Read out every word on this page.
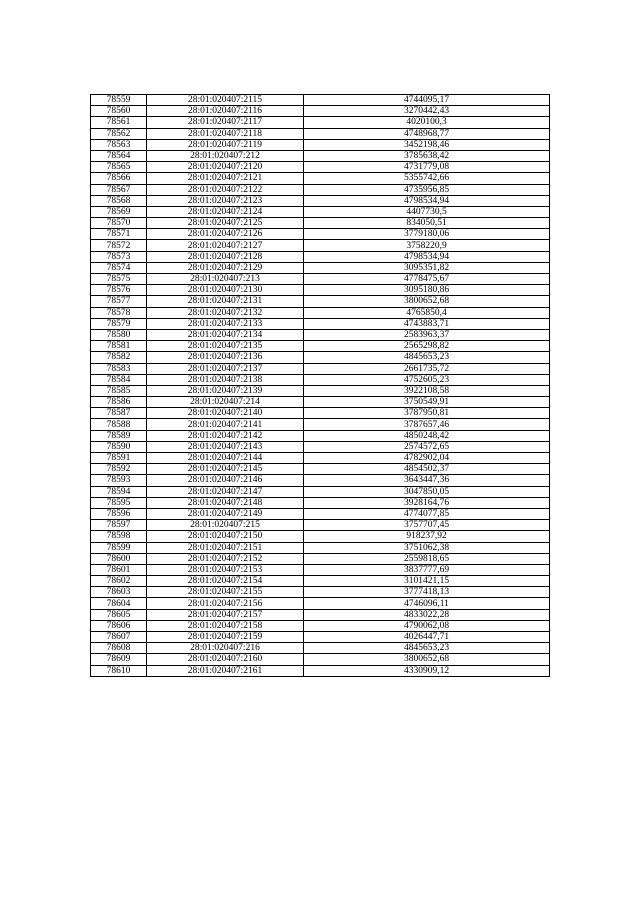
78559	28:01:020407:2115	4744095,17
78560	28:01:020407:2116	3270442,43
78561	28:01:020407:2117	4020100,3
78562	28:01:020407:2118	4748968,77
78563	28:01:020407:2119	3452198,46
78564	28:01:020407:212	3785638,42
78565	28:01:020407:2120	4731779,08
78566	28:01:020407:2121	5355742,66
78567	28:01:020407:2122	4735956,85
78568	28:01:020407:2123	4798534,94
78569	28:01:020407:2124	4407730,5
78570	28:01:020407:2125	834050,51
78571	28:01:020407:2126	3779180,06
78572	28:01:020407:2127	3758220,9
78573	28:01:020407:2128	4798534,94
78574	28:01:020407:2129	3095351,82
78575	28:01:020407:213	4778475,67
78576	28:01:020407:2130	3095180,86
78577	28:01:020407:2131	3800652,68
78578	28:01:020407:2132	4765850,4
78579	28:01:020407:2133	4743883,71
78580	28:01:020407:2134	2583963,37
78581	28:01:020407:2135	2565298,82
78582	28:01:020407:2136	4845653,23
78583	28:01:020407:2137	2661735,72
78584	28:01:020407:2138	4752605,23
78585	28:01:020407:2139	3922108,58
78586	28:01:020407:214	3750549,91
78587	28:01:020407:2140	3787950,81
78588	28:01:020407:2141	3787657,46
78589	28:01:020407:2142	4850248,42
78590	28:01:020407:2143	2574572,65
78591	28:01:020407:2144	4782902,04
78592	28:01:020407:2145	4854502,37
78593	28:01:020407:2146	3643447,36
78594	28:01:020407:2147	3047850,05
78595	28:01:020407:2148	3928164,76
78596	28:01:020407:2149	4774077,85
78597	28:01:020407:215	3757707,45
78598	28:01:020407:2150	918237,92
78599	28:01:020407:2151	3751062,38
78600	28:01:020407:2152	2559818,65
78601	28:01:020407:2153	3837777,69
78602	28:01:020407:2154	3101421,15
78603	28:01:020407:2155	3777418,13
78604	28:01:020407:2156	4746096,11
78605	28:01:020407:2157	4833022,28
78606	28:01:020407:2158	4790062,08
78607	28:01:020407:2159	4026447,71
78608	28:01:020407:216	4845653,23
78609	28:01:020407:2160	3800652,68
78610	28:01:020407:2161	4330909,12
